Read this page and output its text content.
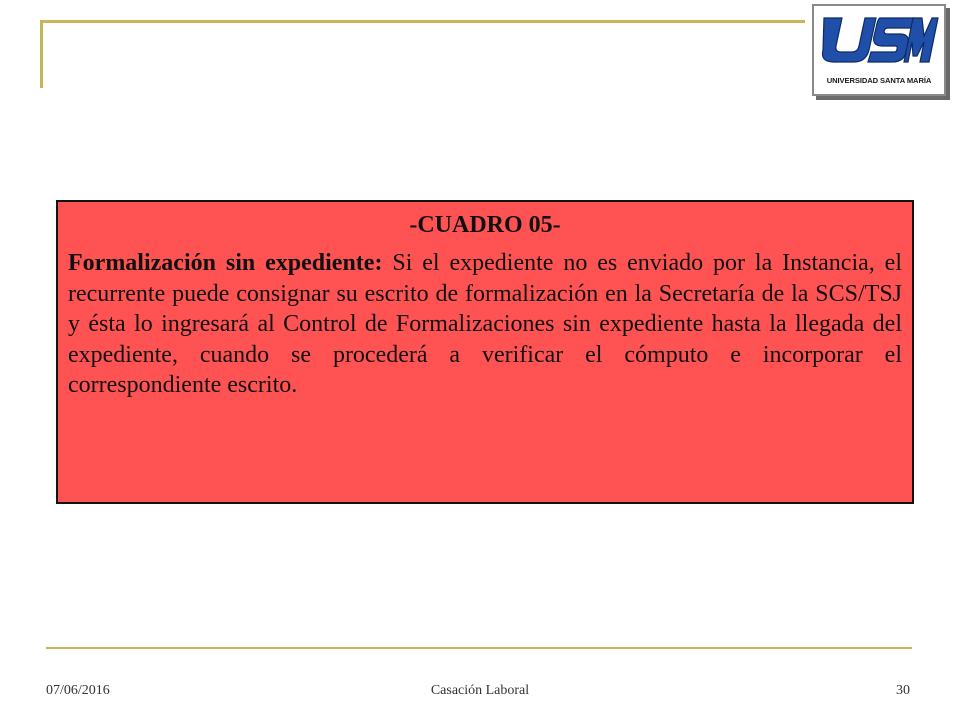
UNIVERSIDAD SANTA MARÍA

-CUADRO 05-

Formalización sin expediente: Si el expediente no es enviado por la Instancia, el recurrente puede consignar su escrito de formalización en la Secretaría de la SCS/TSJ y ésta lo ingresará al Control de Formalizaciones sin expediente hasta la llegada del expediente, cuando se procederá a verificar el cómputo e incorporar el correspondiente escrito.

07/06/2016	Casación Laboral	30
